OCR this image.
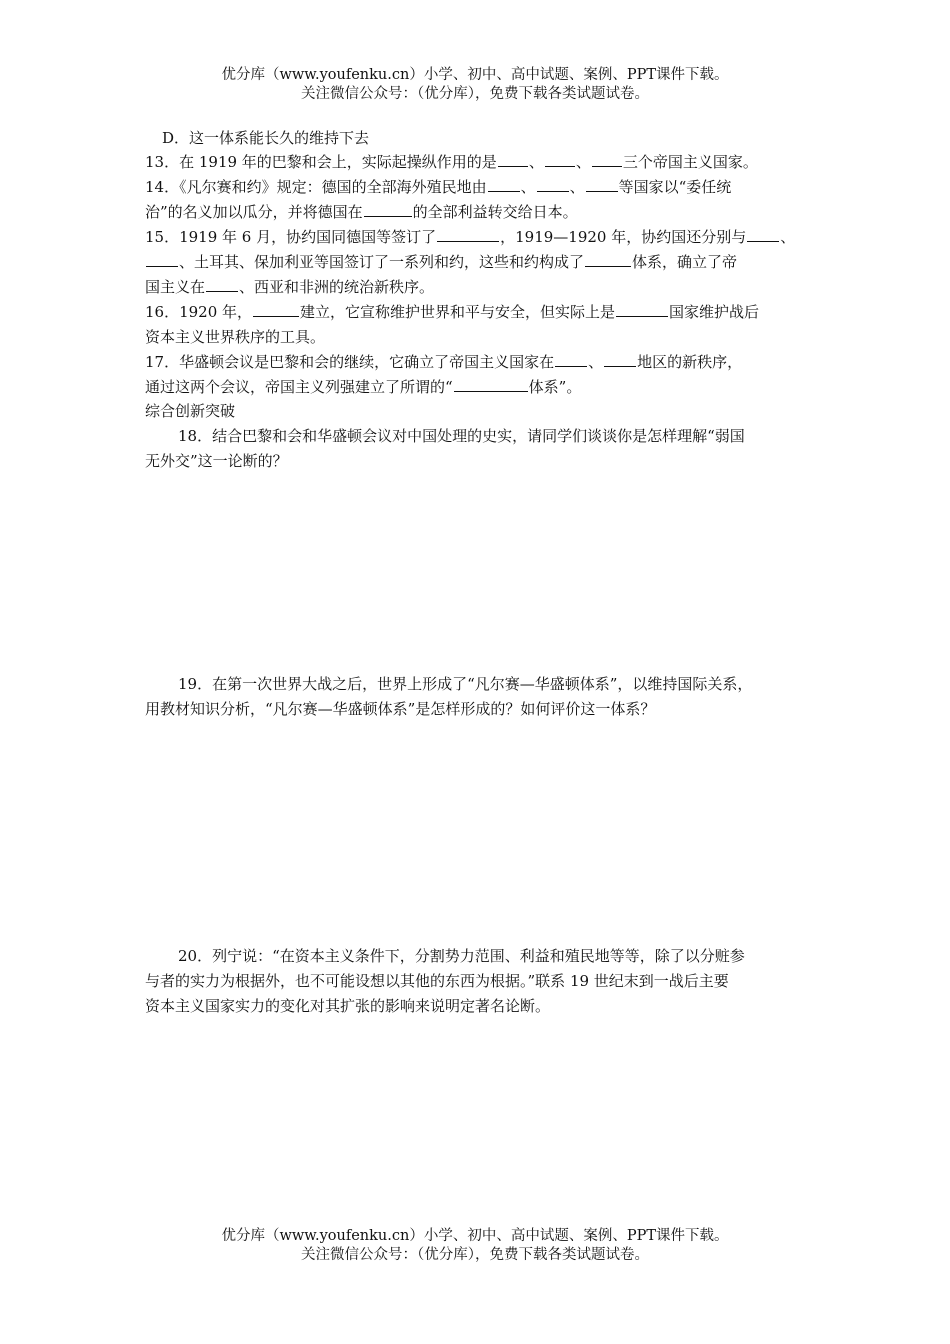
优分库（www.youfenku.cn）小学、初中、高中试题、案例、PPT课件下载。
关注微信公众号：（优分库），免费下载各类试题试卷。
D．这一体系能长久的维持下去
13．在 1919 年的巴黎和会上，实际起操纵作用的是 、 、 三个帝国主义国家。
14．《凡尔赛和约》规定：德国的全部海外殖民地由 、 、 等国家以“委任统
治”的名义加以瓜分，并将德国在	的全部利益转交给日本。
15．1919 年 6 月，协约国同德国等签订了	，1919—1920 年，协约国还分别与 、
、土耳其、保加利亚等国签订了一系列和约，这些和约构成了	体系，确立了帝
国主义在 、西亚和非洲的统治新秩序。
16．1920 年，	建立，它宣称维护世界和平与安全，但实际上是	国家维护战后
资本主义世界秩序的工具。
17．华盛顿会议是巴黎和会的继续，它确立了帝国主义国家在 、 地区的新秩序，
通过这两个会议，帝国主义列强建立了所谓的“	体系”。
综合创新突破
18．结合巴黎和会和华盛顿会议对中国处理的史实，请同学们谈谈你是怎样理解“弱国
无外交”这一论断的？
19．在第一次世界大战之后，世界上形成了“凡尔赛—华盛顿体系”，以维持国际关系，
用教材知识分析，“凡尔赛—华盛顿体系”是怎样形成的？如何评价这一体系？
20．列宁说：“在资本主义条件下，分割势力范围、利益和殖民地等等，除了以分赃参
与者的实力为根据外，也不可能设想以其他的东西为根据。”联系 19 世纪末到一战后主要
资本主义国家实力的变化对其扩张的影响来说明定著名论断。
优分库（www.youfenku.cn）小学、初中、高中试题、案例、PPT课件下载。
关注微信公众号：（优分库），免费下载各类试题试卷。
